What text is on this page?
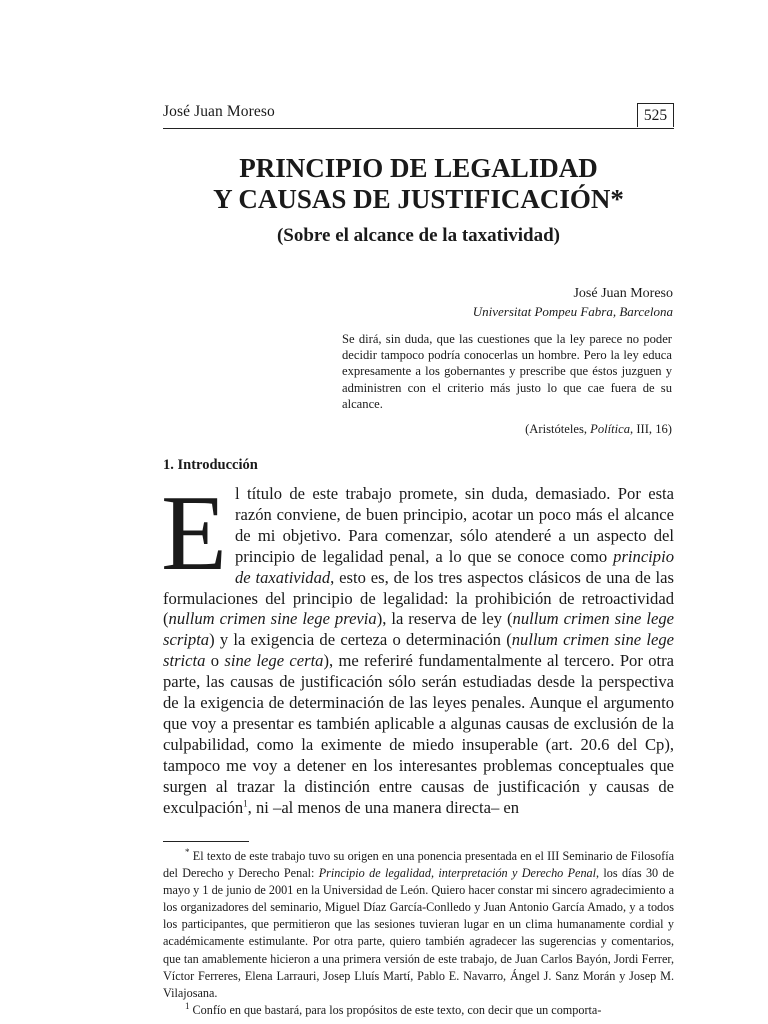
José Juan Moreso	525
PRINCIPIO DE LEGALIDAD
Y CAUSAS DE JUSTIFICACIÓN*
(Sobre el alcance de la taxatividad)
José Juan Moreso
Universitat Pompeu Fabra, Barcelona

Se dirá, sin duda, que las cuestiones que la ley parece no poder decidir tampoco podría conocerlas un hombre. Pero la ley educa expresamente a los gobernantes y prescribe que éstos juzguen y administren con el criterio más justo lo que cae fuera de su alcance.

(Aristóteles, Política, III, 16)
1. Introducción

El título de este trabajo promete, sin duda, demasiado. Por esta razón conviene, de buen principio, acotar un poco más el alcance de mi objetivo. Para comenzar, sólo atenderé a un aspecto del principio de legalidad penal, a lo que se conoce como principio de taxatividad, esto es, de los tres aspectos clásicos de una de las formulaciones del principio de legalidad: la prohibición de retroactividad (nullum crimen sine lege previa), la reserva de ley (nullum crimen sine lege scripta) y la exigencia de certeza o determinación (nullum crimen sine lege stricta o sine lege certa), me referiré fundamentalmente al tercero. Por otra parte, las causas de justificación sólo serán estudiadas desde la perspectiva de la exigencia de determinación de las leyes penales. Aunque el argumento que voy a presentar es también aplicable a algunas causas de exclusión de la culpabilidad, como la eximente de miedo insuperable (art. 20.6 del Cp), tampoco me voy a detener en los interesantes problemas conceptuales que surgen al trazar la distinción entre causas de justificación y causas de exculpación$^1$, ni –al menos de una manera directa– en

* El texto de este trabajo tuvo su origen en una ponencia presentada en el III Seminario de Filosofía del Derecho y Derecho Penal: Principio de legalidad, interpretación y Derecho Penal, los días 30 de mayo y 1 de junio de 2001 en la Universidad de León. Quiero hacer constar mi sincero agradecimiento a los organizadores del seminario, Miguel Díaz García-Conlledo y Juan Antonio García Amado, y a todos los participantes, que permitieron que las sesiones tuvieran lugar en un clima humanamente cordial y académicamente estimulante. Por otra parte, quiero también agradecer las sugerencias y comentarios, que tan amablemente hicieron a una primera versión de este trabajo, de Juan Carlos Bayón, Jordi Ferrer, Víctor Ferreres, Elena Larrauri, Josep Lluís Martí, Pablo E. Navarro, Ángel J. Sanz Morán y Josep M. Vilajosana.

$^1$ Confío en que bastará, para los propósitos de este texto, con decir que un comporta-
